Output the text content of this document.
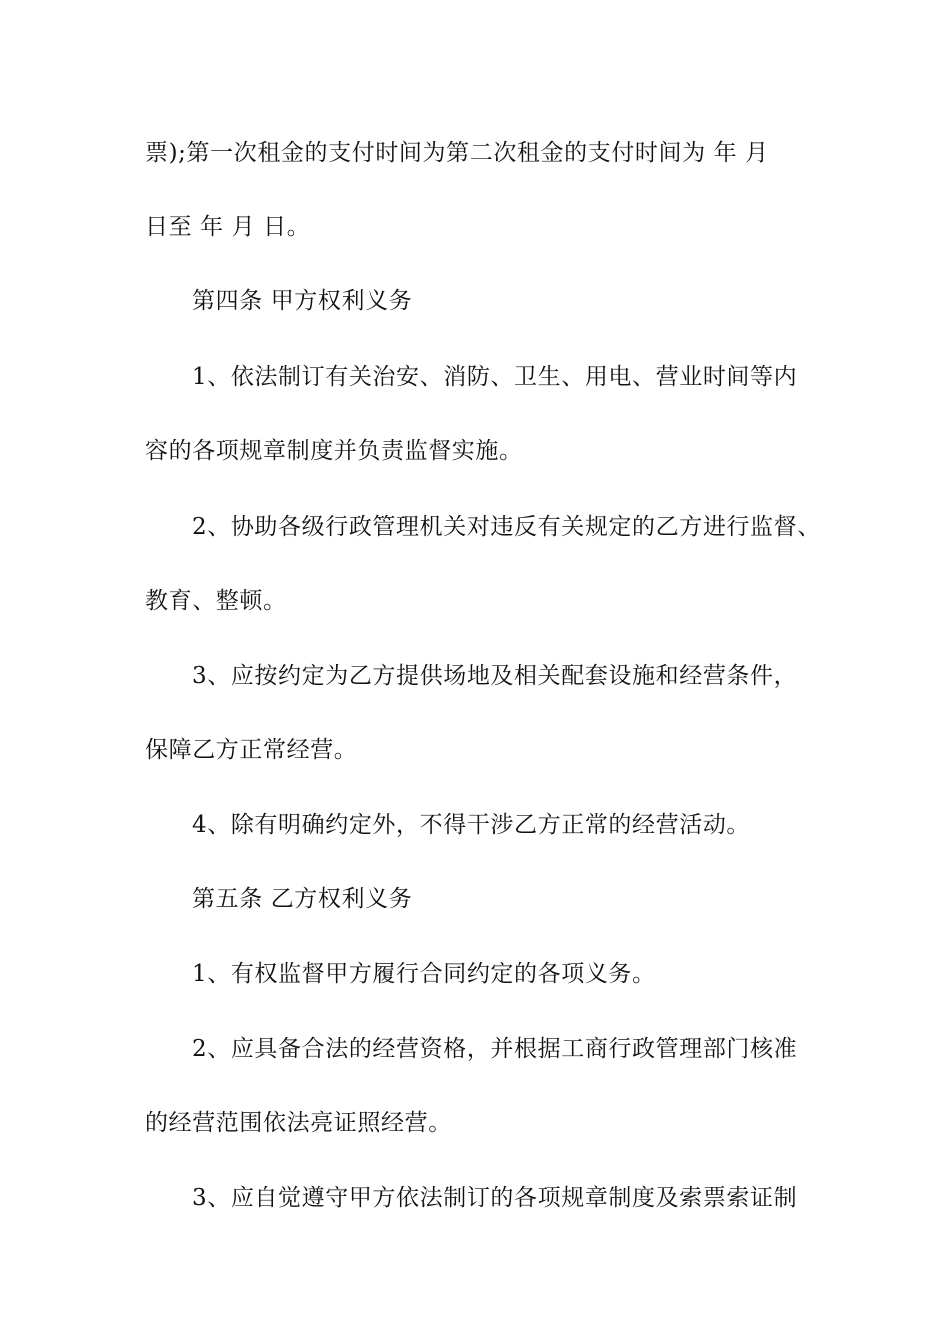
票);第一次租金的支付时间为第二次租金的支付时间为 年 月
日至 年 月 日。
第四条 甲方权利义务
1、依法制订有关治安、消防、卫生、用电、营业时间等内
容的各项规章制度并负责监督实施。
2、协助各级行政管理机关对违反有关规定的乙方进行监督、
教育、整顿。
3、应按约定为乙方提供场地及相关配套设施和经营条件，
保障乙方正常经营。
4、除有明确约定外，不得干涉乙方正常的经营活动。
第五条 乙方权利义务
1、有权监督甲方履行合同约定的各项义务。
2、应具备合法的经营资格，并根据工商行政管理部门核准
的经营范围依法亮证照经营。
3、应自觉遵守甲方依法制订的各项规章制度及索票索证制
